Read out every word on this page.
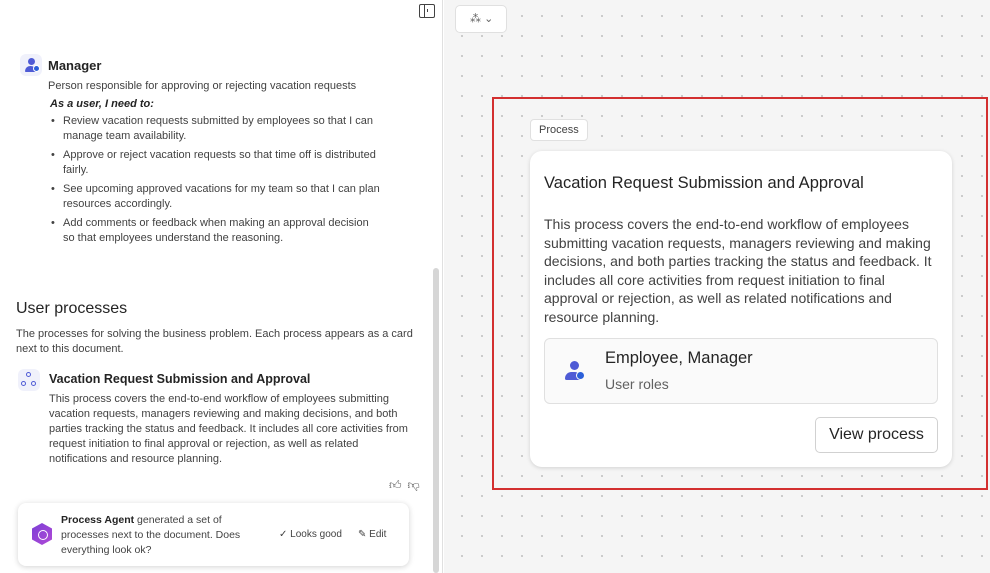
Manager
Person responsible for approving or rejecting vacation requests
As a user, I need to:
• Review vacation requests submitted by employees so that I can manage team availability.
• Approve or reject vacation requests so that time off is distributed fairly.
• See upcoming approved vacations for my team so that I can plan resources accordingly.
• Add comments or feedback when making an approval decision so that employees understand the reasoning.
User processes
The processes for solving the business problem. Each process appears as a card next to this document.
Vacation Request Submission and Approval
This process covers the end-to-end workflow of employees submitting vacation requests, managers reviewing and making decisions, and both parties tracking the status and feedback. It includes all core activities from request initiation to final approval or rejection, as well as related notifications and resource planning.
👍︎ 👎︎
Process Agent generated a set of processes next to the document. Does everything look ok?
✓ Looks good ✎ Edit
⁂ ⌄
Process
Vacation Request Submission and Approval
This process covers the end-to-end workflow of employees submitting vacation requests, managers reviewing and making decisions, and both parties tracking the status and feedback. It includes all core activities from request initiation to final approval or rejection, as well as related notifications and resource planning.
Employee, Manager
User roles
View process
